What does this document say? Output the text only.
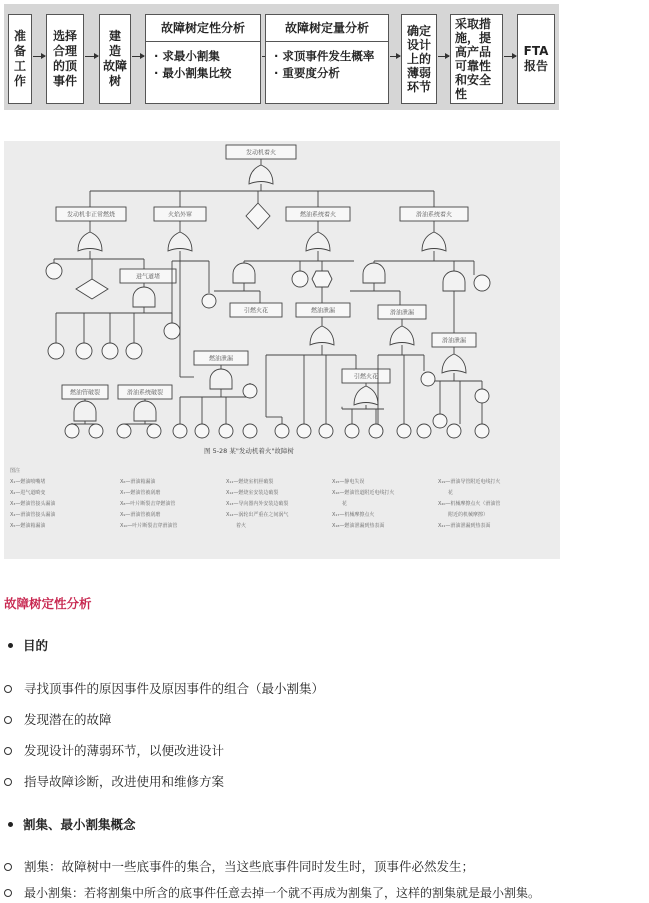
准
备
工
作
选择
合理
的顶
事件
建
造
故障
树
故障树定性分析
· 求最小割集
· 最小割集比较
故障树定量分析
· 求顶事件发生概率
· 重要度分析
确定
设计
上的
薄弱
环节
采取措
施，提
高产品
可靠性
和安全
性
FTA
报告
发动机着火
发动机非正常燃烧	火焰外窜	燃油系统着火	滑油系统着火
进气道堵
引燃火花
燃油泄漏
滑油泄漏
燃油泄漏
引燃火花
滑油泄漏
燃油管破裂	滑油系统破裂
图 5-28 某"发动机着火"故障树
图注
X₁—燃油喷嘴堵
X₂—进气道畸变
X₃—燃油管接头漏油
X₄—滑油管接头漏油
X₅—燃油箱漏油
X₆—滑油箱漏油
X₇—燃油管被刮磨
X₈—叶片断裂击穿燃油管
X₉—滑油管被刮磨
X₁₀—叶片断裂击穿滑油管
X₁₁—燃烧室机匣破裂
X₁₂—燃烧室安装边破裂
X₁₃—导向器内外安装边破裂
X₁₄—涡轮出严重在之间涡气
着火
X₁₅—静电失误
X₁₆—燃油管道附近电线打火
花
X₁₇—机械摩擦点火
X₁₈—燃油泄漏到热表面
X₁₉—滑油导管附近电线打火
花
X₂₀—机械摩擦点火（滑油管
附近的机械摩擦）
X₂₁—滑油泄漏到热表面
故障树定性分析
目的
寻找顶事件的原因事件及原因事件的组合（最小割集）
发现潜在的故障
发现设计的薄弱环节，以便改进设计
指导故障诊断，改进使用和维修方案
割集、最小割集概念
割集：故障树中一些底事件的集合，当这些底事件同时发生时，顶事件必然发生；
最小割集：若将割集中所含的底事件任意去掉一个就不再成为割集了，这样的割集就是最小割集。
